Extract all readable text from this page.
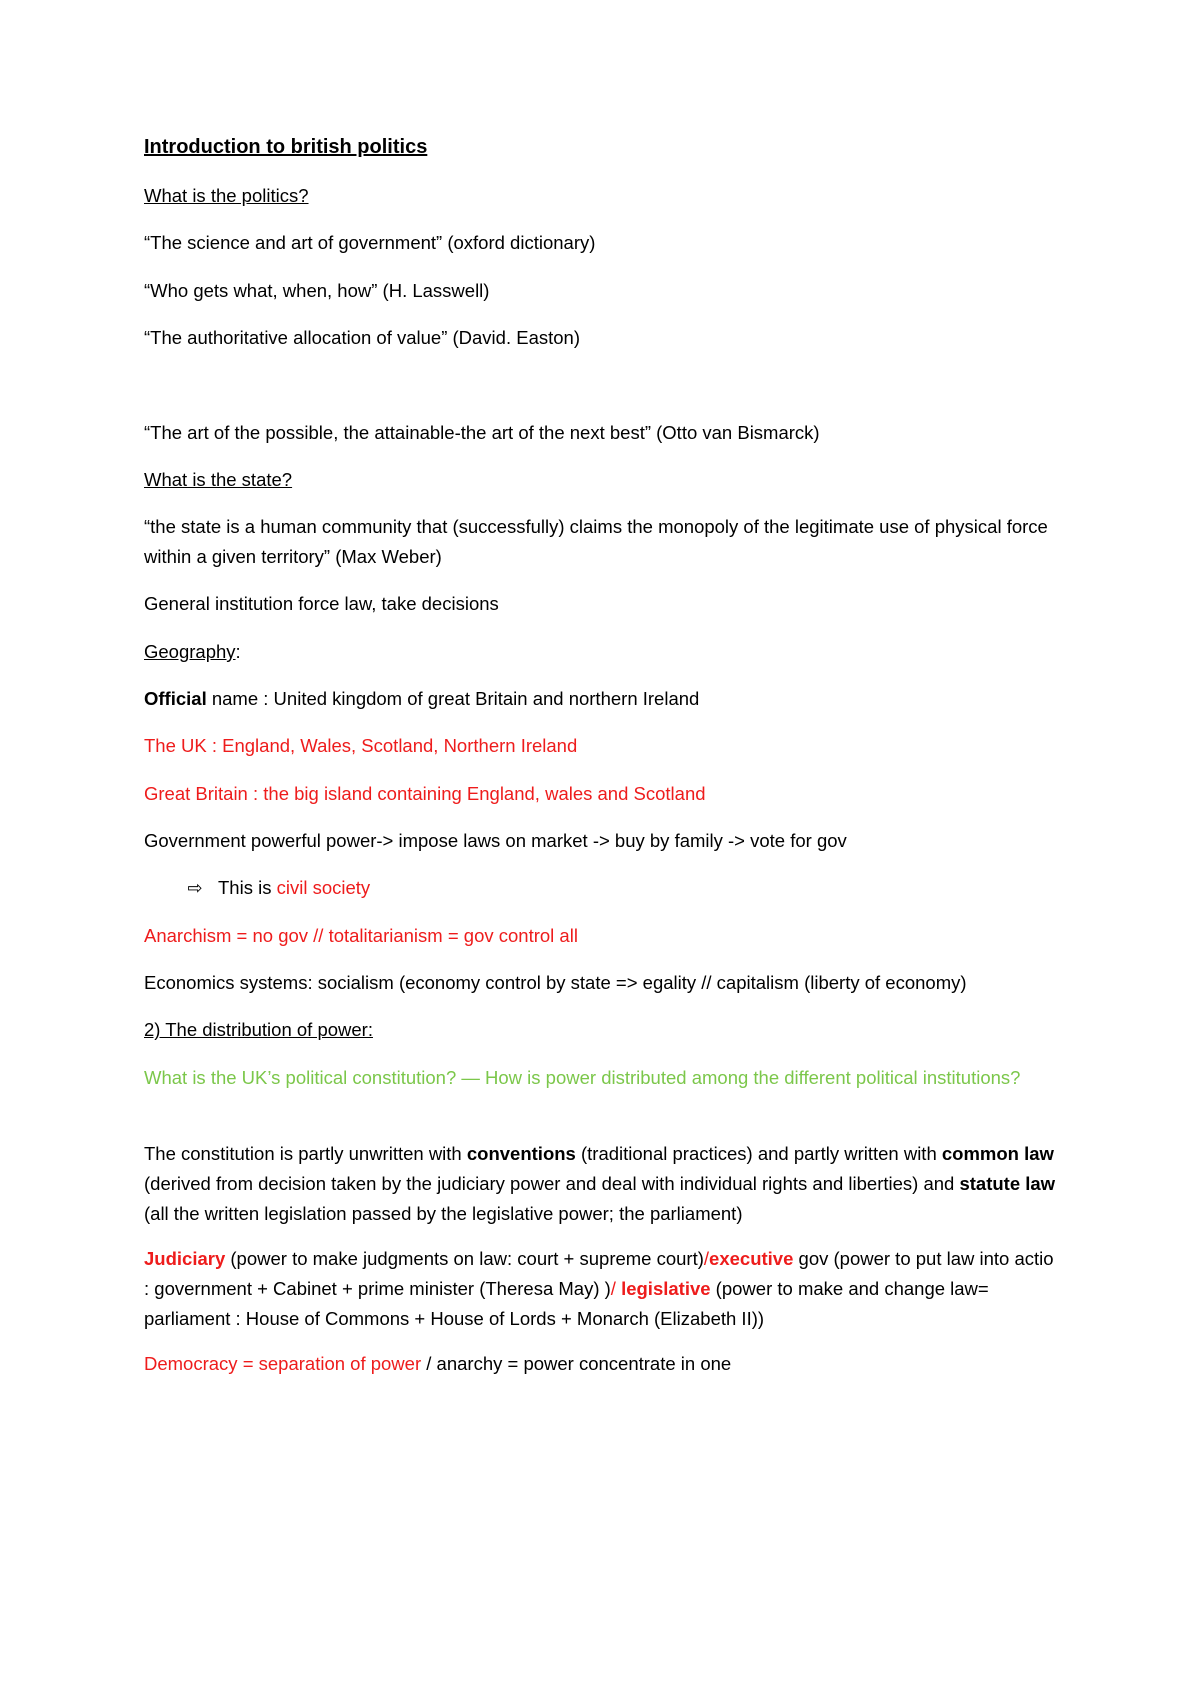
Introduction to british politics
What is the politics?
“The science and art of government” (oxford dictionary)
“Who gets what, when, how” (H. Lasswell)
“The authoritative allocation of value” (David. Easton)
“The art of the possible, the attainable-the art of the next best” (Otto van Bismarck)
What is the state?
“the state is a human community that (successfully) claims the monopoly of the legitimate use of physical force within a given territory” (Max Weber)
General institution force law, take decisions
Geography:
Official name : United kingdom of great Britain and northern Ireland
The UK : England, Wales, Scotland, Northern Ireland
Great Britain : the big island containing England, wales and Scotland
Government powerful power-> impose laws on market -> buy by family -> vote for gov
⇨ This is civil society
Anarchism = no gov // totalitarianism = gov control all
Economics systems: socialism (economy control by state => egality // capitalism (liberty of economy)
2) The distribution of power:
What is the UK’s political constitution? — How is power distributed among the different political institutions?
The constitution is partly unwritten with conventions (traditional practices) and partly written with common law (derived from decision taken by the judiciary power and deal with individual rights and liberties) and statute law (all the written legislation passed by the legislative power; the parliament)
Judiciary (power to make judgments on law: court + supreme court)/executive gov (power to put law into actio : government + Cabinet + prime minister (Theresa May) )/ legislative (power to make and change law= parliament : House of Commons + House of Lords + Monarch (Elizabeth II))
Democracy = separation of power / anarchy = power concentrate in one
